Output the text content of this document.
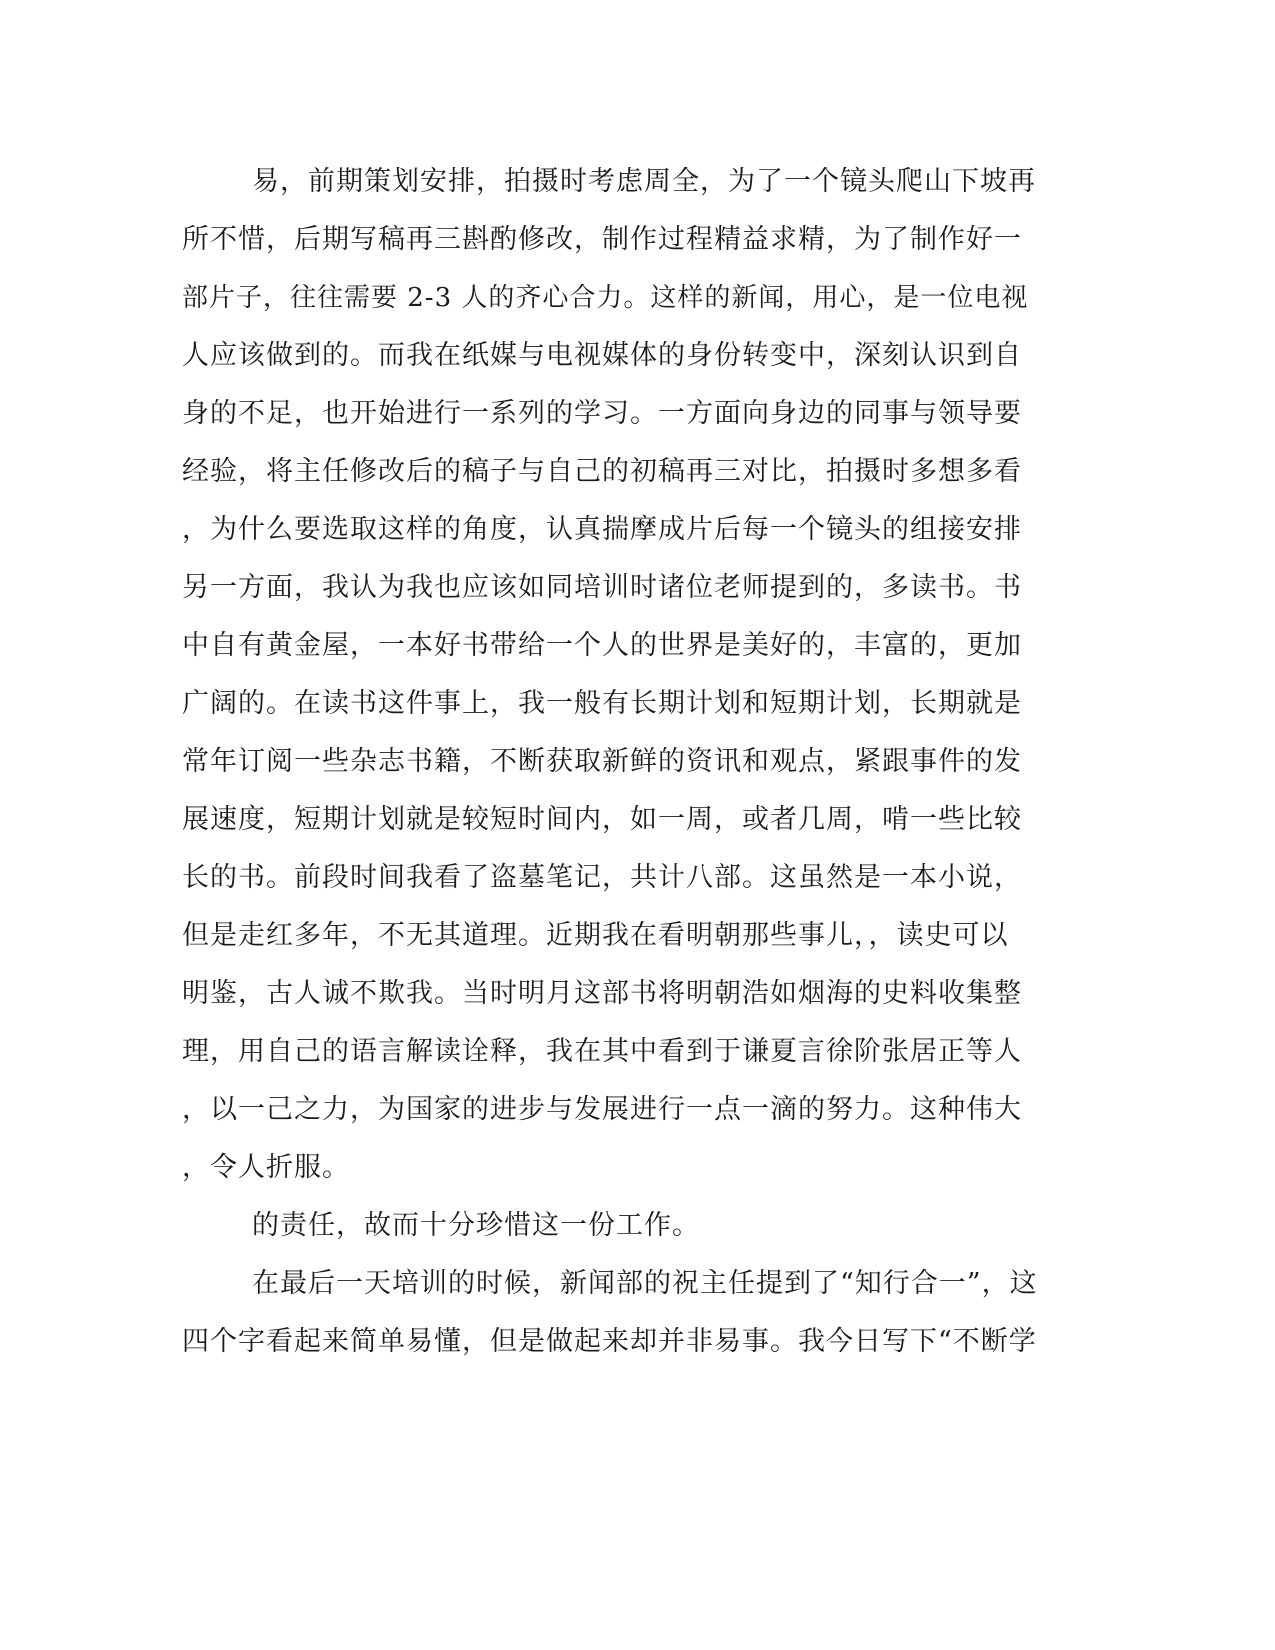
易，前期策划安排，拍摄时考虑周全，为了一个镜头爬山下坡再
所不惜，后期写稿再三斟酌修改，制作过程精益求精，为了制作好一
部片子，往往需要 2-3 人的齐心合力。这样的新闻，用心，是一位电视
人应该做到的。而我在纸媒与电视媒体的身份转变中，深刻认识到自
身的不足，也开始进行一系列的学习。一方面向身边的同事与领导要
经验，将主任修改后的稿子与自己的初稿再三对比，拍摄时多想多看
，为什么要选取这样的角度，认真揣摩成片后每一个镜头的组接安排
另一方面，我认为我也应该如同培训时诸位老师提到的，多读书。书
中自有黄金屋，一本好书带给一个人的世界是美好的，丰富的，更加
广阔的。在读书这件事上，我一般有长期计划和短期计划，长期就是
常年订阅一些杂志书籍，不断获取新鲜的资讯和观点，紧跟事件的发
展速度，短期计划就是较短时间内，如一周，或者几周，啃一些比较
长的书。前段时间我看了盗墓笔记，共计八部。这虽然是一本小说，
但是走红多年，不无其道理。近期我在看明朝那些事儿，，读史可以
明鉴，古人诚不欺我。当时明月这部书将明朝浩如烟海的史料收集整
理，用自己的语言解读诠释，我在其中看到于谦夏言徐阶张居正等人
，以一己之力，为国家的进步与发展进行一点一滴的努力。这种伟大
，令人折服。
的责任，故而十分珍惜这一份工作。
在最后一天培训的时候，新闻部的祝主任提到了“知行合一”，这
四个字看起来简单易懂，但是做起来却并非易事。我今日写下“不断学
